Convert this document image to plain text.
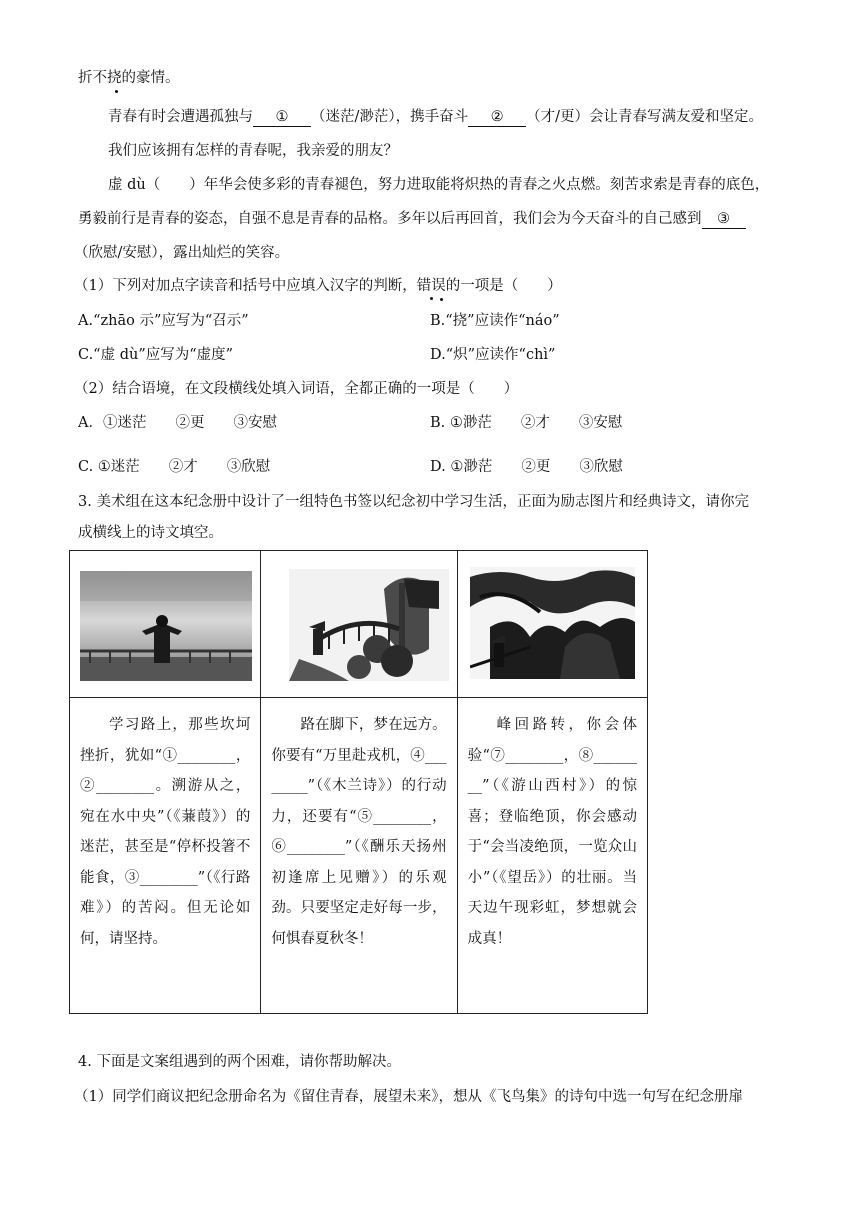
折不挠的豪情。
青春有时会遭遇孤独与 ① （迷茫/渺茫），携手奋斗 ② （才/更）会让青春写满友爱和坚定。
我们应该拥有怎样的青春呢，我亲爱的朋友？
虚 dù（　　）年华会使多彩的青春褪色，努力进取能将炽热的青春之火点燃。刻苦求索是青春的底色，
勇毅前行是青春的姿态，自强不息是青春的品格。多年以后再回首，我们会为今天奋斗的自己感到 ③
（欣慰/安慰），露出灿烂的笑容。
（1）下列对加点字读音和括号中应填入汉字的判断，错误的一项是（　　）
A.“zhāo 示”应写为“召示”	B.“挠”应读作“náo”
C.“虚 dù”应写为“虚度”	D.“炽”应读作“chì”
（2）结合语境，在文段横线处填入词语，全都正确的一项是（　　）
A．①迷茫　　②更　　③安慰	B. ①渺茫　　②才　　③安慰
C. ①迷茫　　②才　　③欣慰	D. ①渺茫　　②更　　③欣慰
3. 美术组在这本纪念册中设计了一组特色书签以纪念初中学习生活，正面为励志图片和经典诗文，请你完
成横线上的诗文填空。

学习路上，那些坎坷挫折，犹如“①________，②________。溯游从之，宛在水中央”（《蒹葭》）的迷茫，甚至是“停杯投箸不能食，③________”（《行路难》）的苦闷。但无论如何，请坚持。	路在脚下，梦在远方。你要有“万里赴戎机，④________”（《木兰诗》）的行动力，还要有“⑤________，⑥________”（《酬乐天扬州初逢席上见赠》）的乐观劲。只要坚定走好每一步，何惧春夏秋冬！	峰回路转，你会体验“⑦________，⑧________”（《游山西村》）的惊喜；登临绝顶，你会感动于“会当凌绝顶，一览众山小”（《望岳》）的壮丽。当天边午现彩虹，梦想就会成真！
4. 下面是文案组遇到的两个困难，请你帮助解决。
（1）同学们商议把纪念册命名为《留住青春，展望未来》，想从《飞鸟集》的诗句中选一句写在纪念册扉
